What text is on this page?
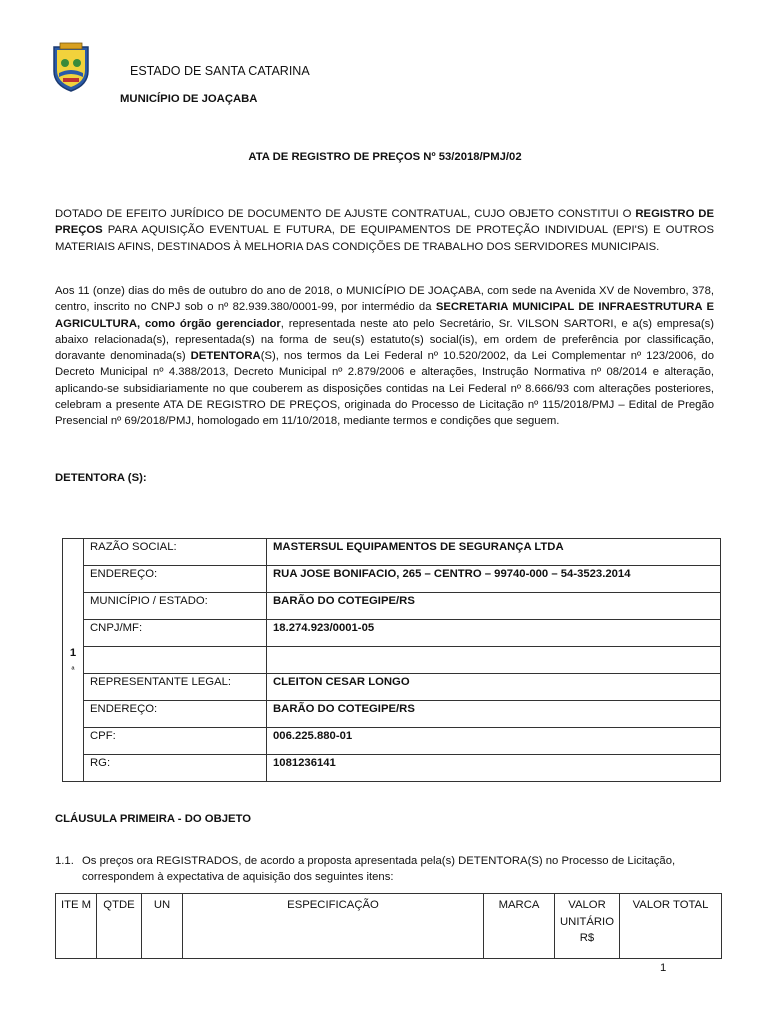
ESTADO DE SANTA CATARINA
MUNICÍPIO DE JOAÇABA
ATA DE REGISTRO DE PREÇOS Nº 53/2018/PMJ/02
DOTADO DE EFEITO JURÍDICO DE DOCUMENTO DE AJUSTE CONTRATUAL, CUJO OBJETO CONSTITUI O REGISTRO DE PREÇOS PARA AQUISIÇÃO EVENTUAL E FUTURA, DE EQUIPAMENTOS DE PROTEÇÃO INDIVIDUAL (EPI'S) E OUTROS MATERIAIS AFINS, DESTINADOS À MELHORIA DAS CONDIÇÕES DE TRABALHO DOS SERVIDORES MUNICIPAIS.
Aos 11 (onze) dias do mês de outubro do ano de 2018, o MUNICÍPIO DE JOAÇABA, com sede na Avenida XV de Novembro, 378, centro, inscrito no CNPJ sob o nº 82.939.380/0001-99, por intermédio da SECRETARIA MUNICIPAL DE INFRAESTRUTURA E AGRICULTURA, como órgão gerenciador, representada neste ato pelo Secretário, Sr. VILSON SARTORI, e a(s) empresa(s) abaixo relacionada(s), representada(s) na forma de seu(s) estatuto(s) social(is), em ordem de preferência por classificação, doravante denominada(s) DETENTORA(S), nos termos da Lei Federal nº 10.520/2002, da Lei Complementar nº 123/2006, do Decreto Municipal nº 4.388/2013, Decreto Municipal nº 2.879/2006 e alterações, Instrução Normativa nº 08/2014 e alteração, aplicando-se subsidiariamente no que couberem as disposições contidas na Lei Federal nº 8.666/93 com alterações posteriores, celebram a presente ATA DE REGISTRO DE PREÇOS, originada do Processo de Licitação nº 115/2018/PMJ – Edital de Pregão Presencial nº 69/2018/PMJ, homologado em 11/10/2018, mediante termos e condições que seguem.
DETENTORA (S):
1
ª	RAZÃO SOCIAL:	MASTERSUL EQUIPAMENTOS DE SEGURANÇA LTDA
	ENDEREÇO:	RUA JOSE BONIFACIO, 265 – CENTRO – 99740-000 – 54-3523.2014
	MUNICÍPIO / ESTADO:	BARÃO DO COTEGIPE/RS
	CNPJ/MF:	18.274.923/0001-05

	REPRESENTANTE LEGAL:	CLEITON CESAR LONGO
	ENDEREÇO:	BARÃO DO COTEGIPE/RS
	CPF:	006.225.880-01
	RG:	1081236141
CLÁUSULA PRIMEIRA - DO OBJETO
1.1. Os preços ora REGISTRADOS, de acordo a proposta apresentada pela(s) DETENTORA(S) no Processo de Licitação, correspondem à expectativa de aquisição dos seguintes itens:
ITE M	QTDE	UN	ESPECIFICAÇÃO	MARCA	VALOR UNITÁRIO R$	VALOR TOTAL
1
